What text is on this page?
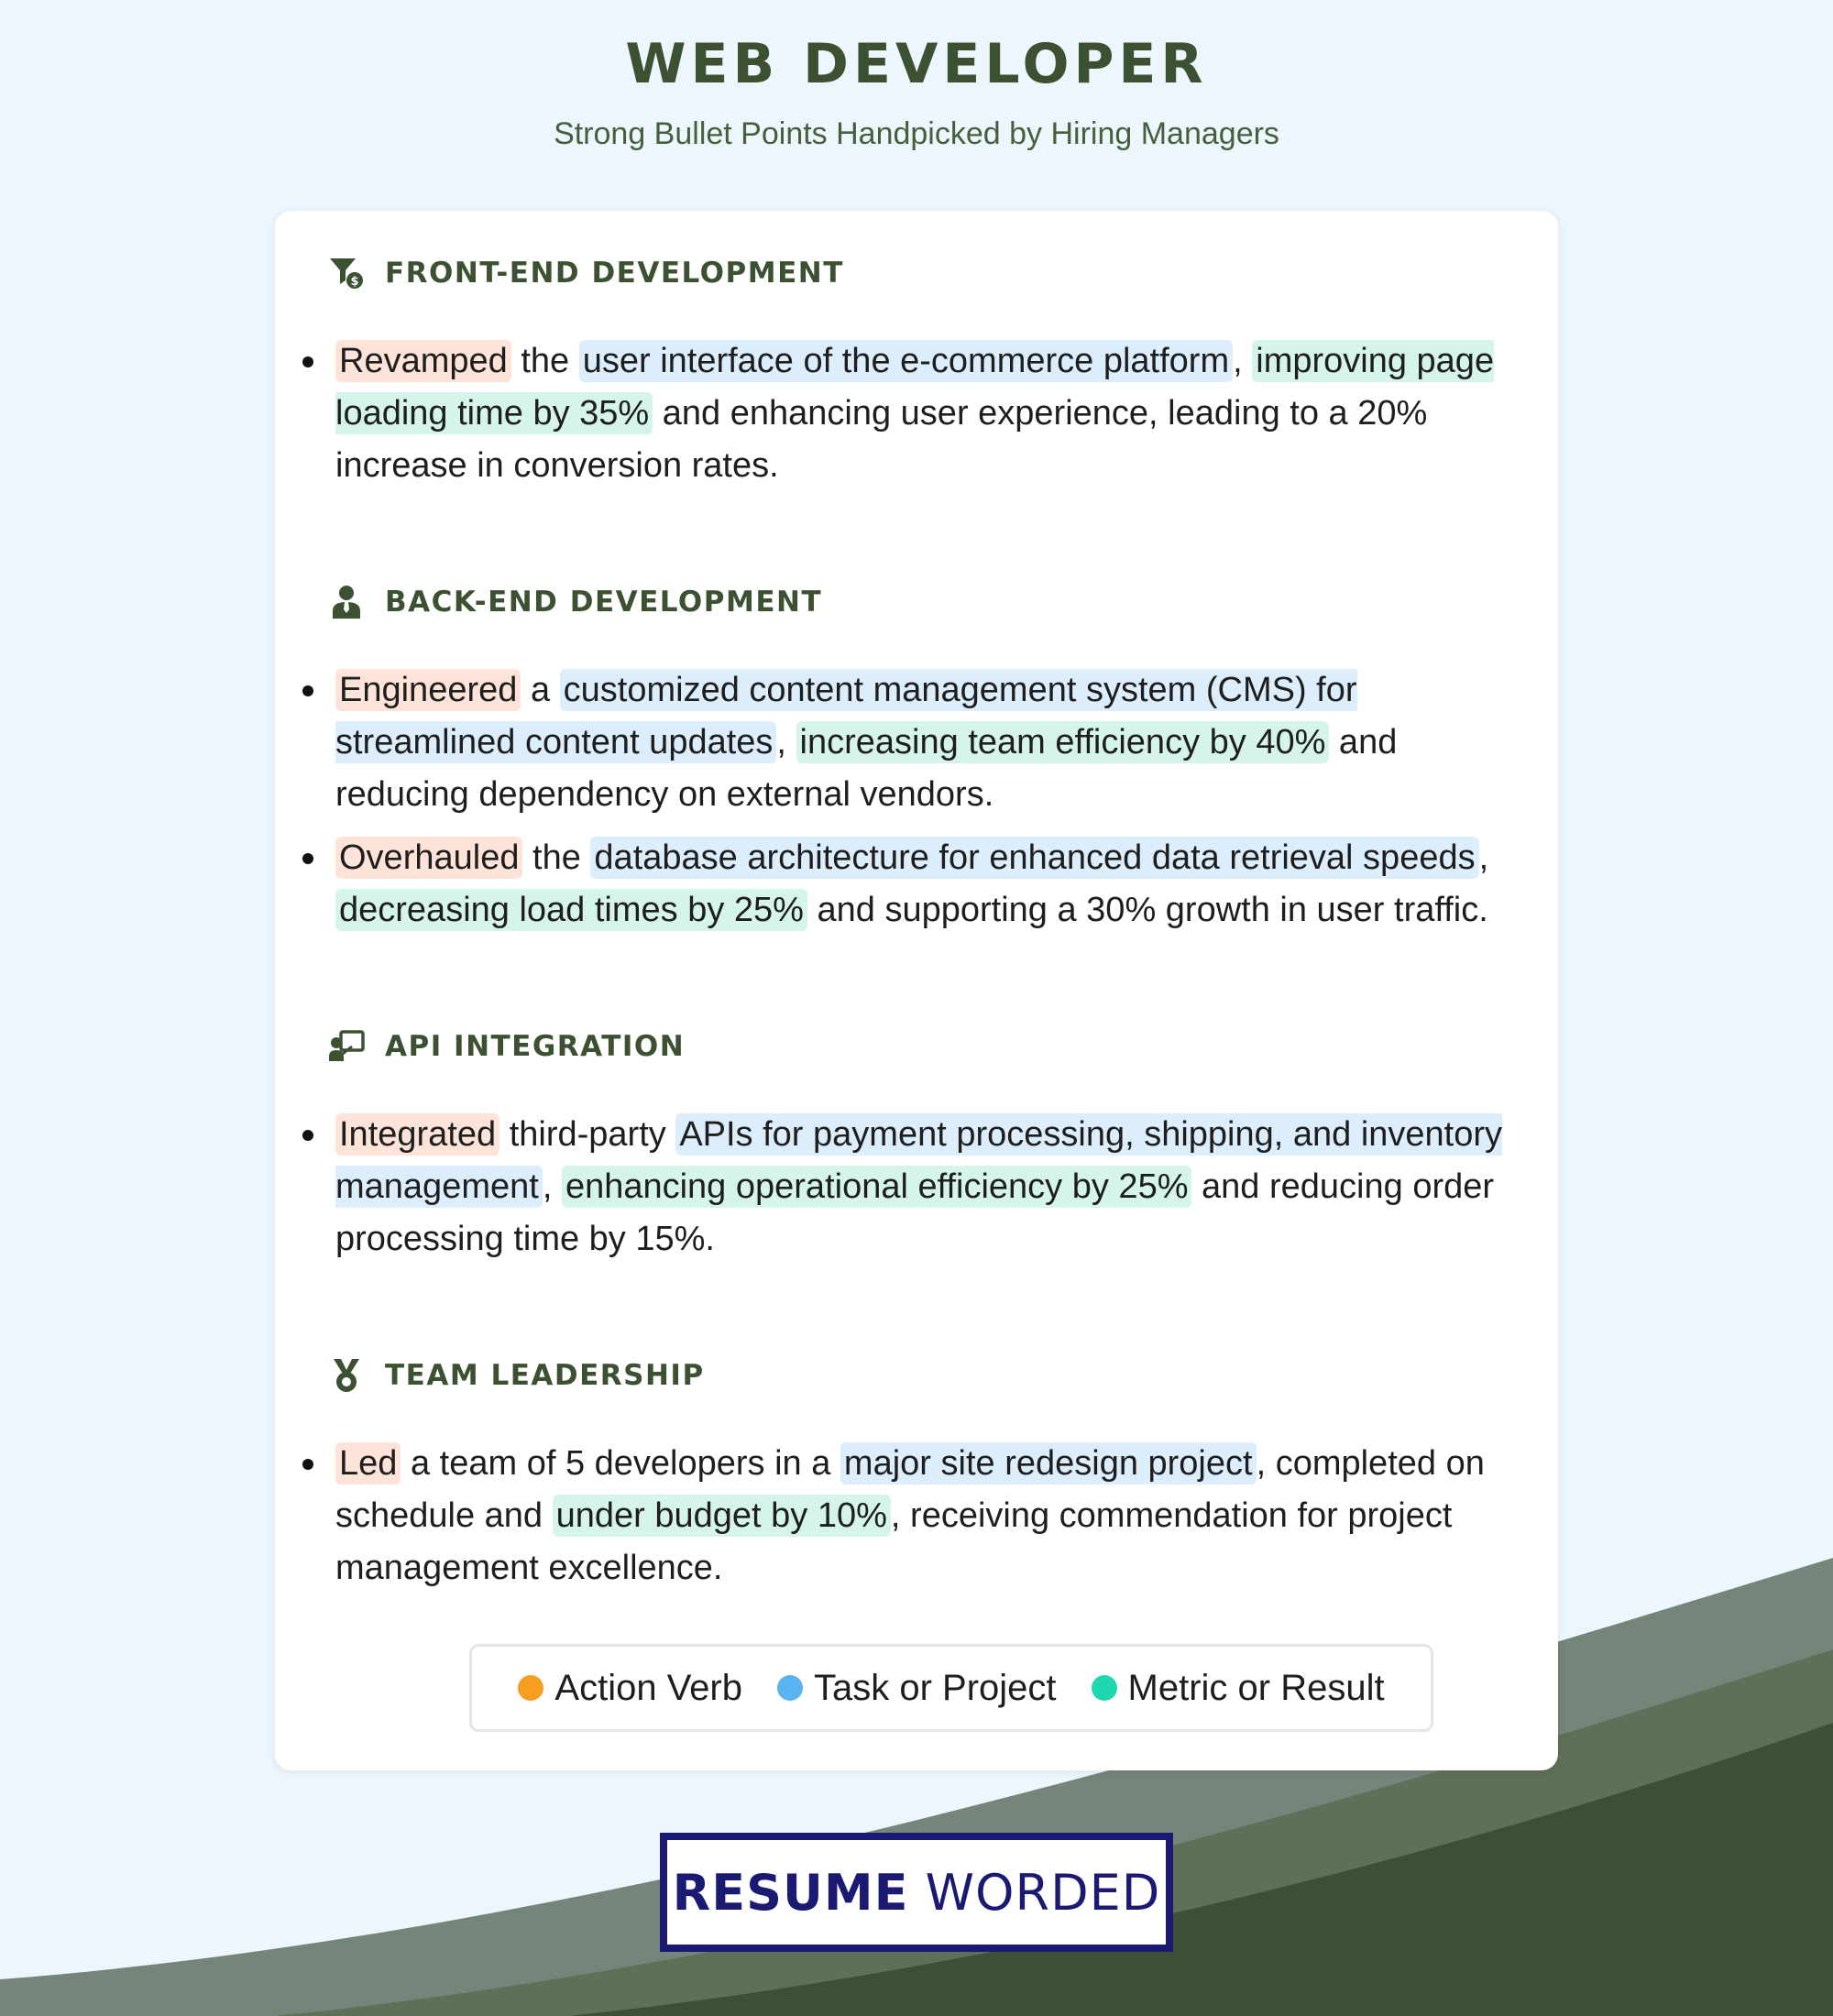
WEB DEVELOPER

Strong Bullet Points Handpicked by Hiring Managers

$ FRONT-END DEVELOPMENT
Revamped the user interface of the e-commerce platform , improving page loading time by 35% and enhancing user experience, leading to a 20% increase in conversion rates.
BACK-END DEVELOPMENT
Engineered a customized content management system (CMS) for streamlined content updates , increasing team efficiency by 40% and reducing dependency on external vendors.
Overhauled the database architecture for enhanced data retrieval speeds , decreasing load times by 25% and supporting a 30% growth in user traffic.
API INTEGRATION
Integrated third-party APIs for payment processing, shipping, and inventory management , enhancing operational efficiency by 25% and reducing order processing time by 15%.
TEAM LEADERSHIP
Led a team of 5 developers in a major site redesign project , completed on schedule and under budget by 10% , receiving commendation for project management excellence.
Action Verb Task or Project Metric or Result
RESUME WORDED
